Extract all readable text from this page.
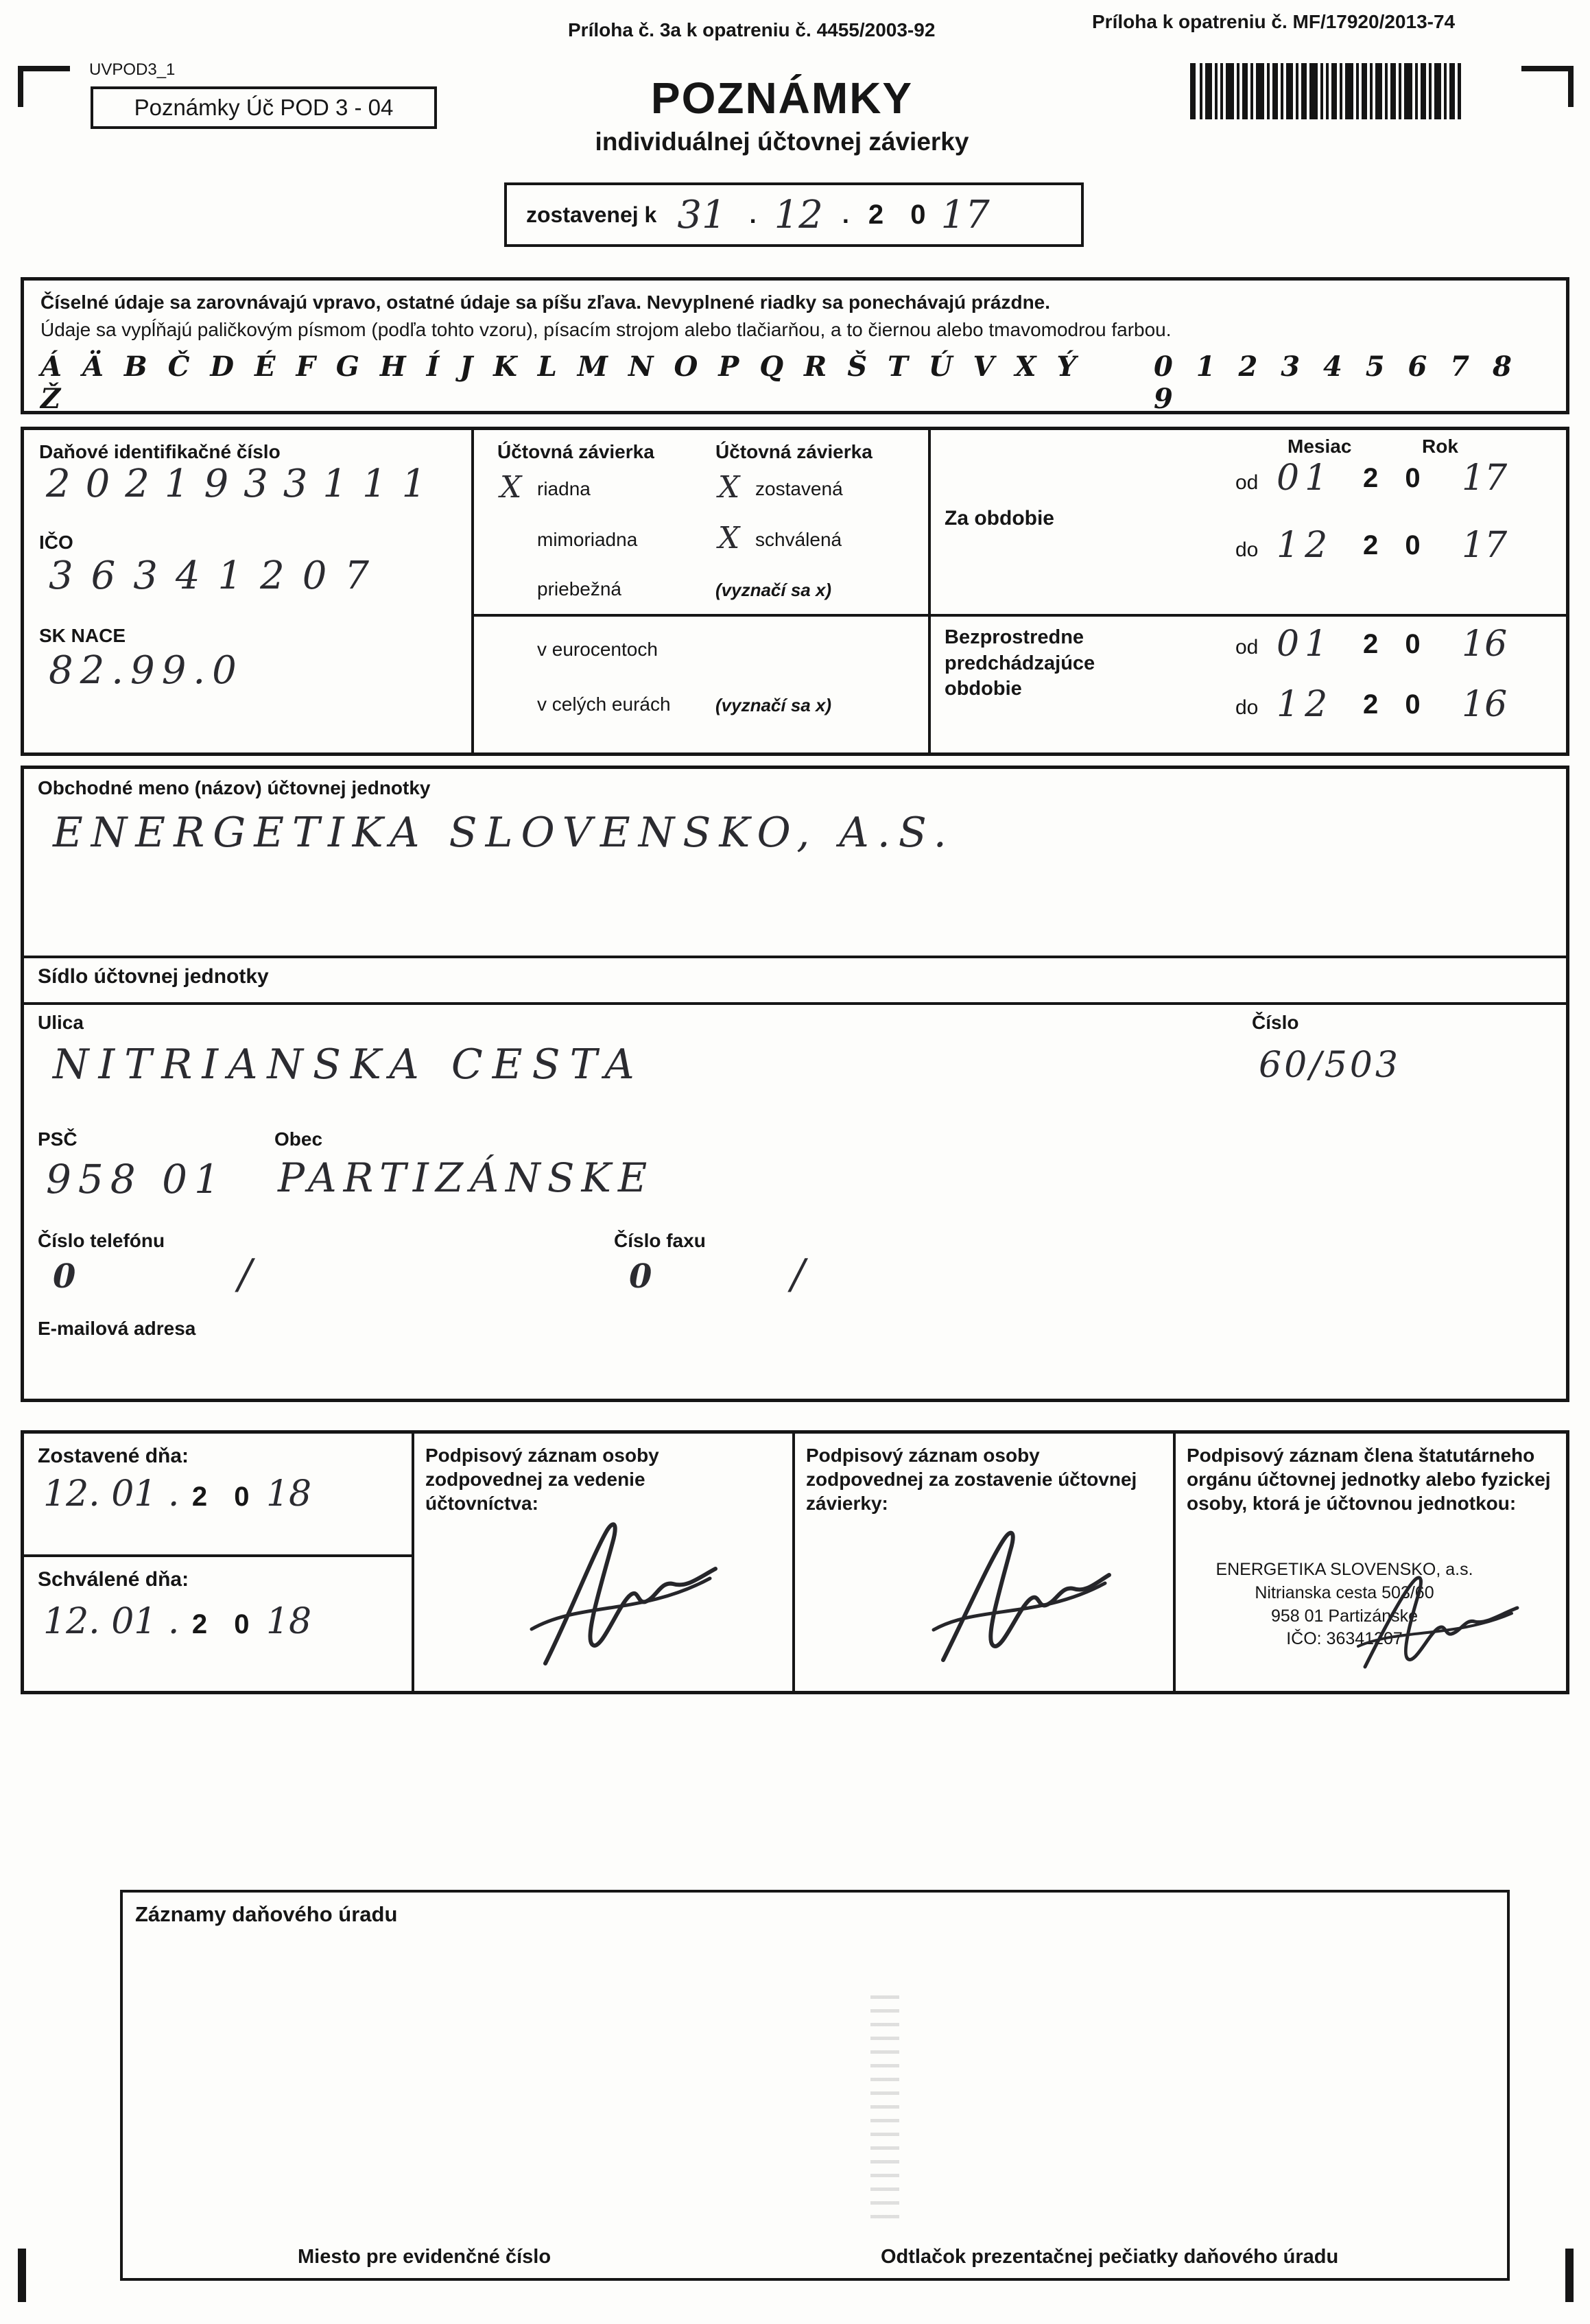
Príloha č. 3a k opatreniu č. 4455/2003-92	Príloha k opatreniu č. MF/17920/2013-74
UVPOD3_1
Poznámky Úč POD 3 - 04	POZNÁMKY
individuálnej účtovnej závierky
zostavenej k 31 . 12 . 2 0 17
Číselné údaje sa zarovnávajú vpravo, ostatné údaje sa píšu zľava. Nevyplnené riadky sa ponechávajú prázdne.
Údaje sa vypĺňajú paličkovým písmom (podľa tohto vzoru), písacím strojom alebo tlačiarňou, a to čiernou alebo tmavomodrou farbou.
Á Ä B Č D É F G H Í J K L M N O P Q R Š T Ú V X Ý Ž
0 1 2 3 4 5 6 7 8 9
Daňové identifikačné číslo
2021933111
IČO
36341207
SK NACE
82.99.0
Účtovná závierka	Účtovná závierka
X riadna	X zostavená
mimoriadna	X schválená
priebežná	(vyznačí sa x)
v eurocentoch
v celých eurách	(vyznačí sa x)
Mesiac	Rok
Za obdobie
od 01 2 0 17
do 12 2 0 17
Bezprostredne predchádzajúce obdobie
od 01 2 0 16
do 12 2 0 16
Obchodné meno (názov) účtovnej jednotky
ENERGETIKA SLOVENSKO, A.S.
Sídlo účtovnej jednotky
Ulica	Číslo
NITRIANSKA CESTA	60/503
PSČ	Obec
958 01 PARTIZÁNSKE
Číslo telefónu	Číslo faxu
0	/	0	/
E-mailová adresa
Zostavené dňa:
12. 01 . 2 0 18
Schválené dňa:
12. 01 . 2 0 18
Podpisový záznam osoby zodpovednej za vedenie účtovníctva:
Podpisový záznam osoby zodpovednej za zostavenie účtovnej závierky:
Podpisový záznam člena štatutárneho orgánu účtovnej jednotky alebo fyzickej osoby, ktorá je účtovnou jednotkou:
ENERGETIKA SLOVENSKO, a.s.
Nitrianska cesta 503/60
958 01 Partizánske
IČO: 36341207
Záznamy daňového úradu
Miesto pre evidenčné číslo	Odtlačok prezentačnej pečiatky daňového úradu
